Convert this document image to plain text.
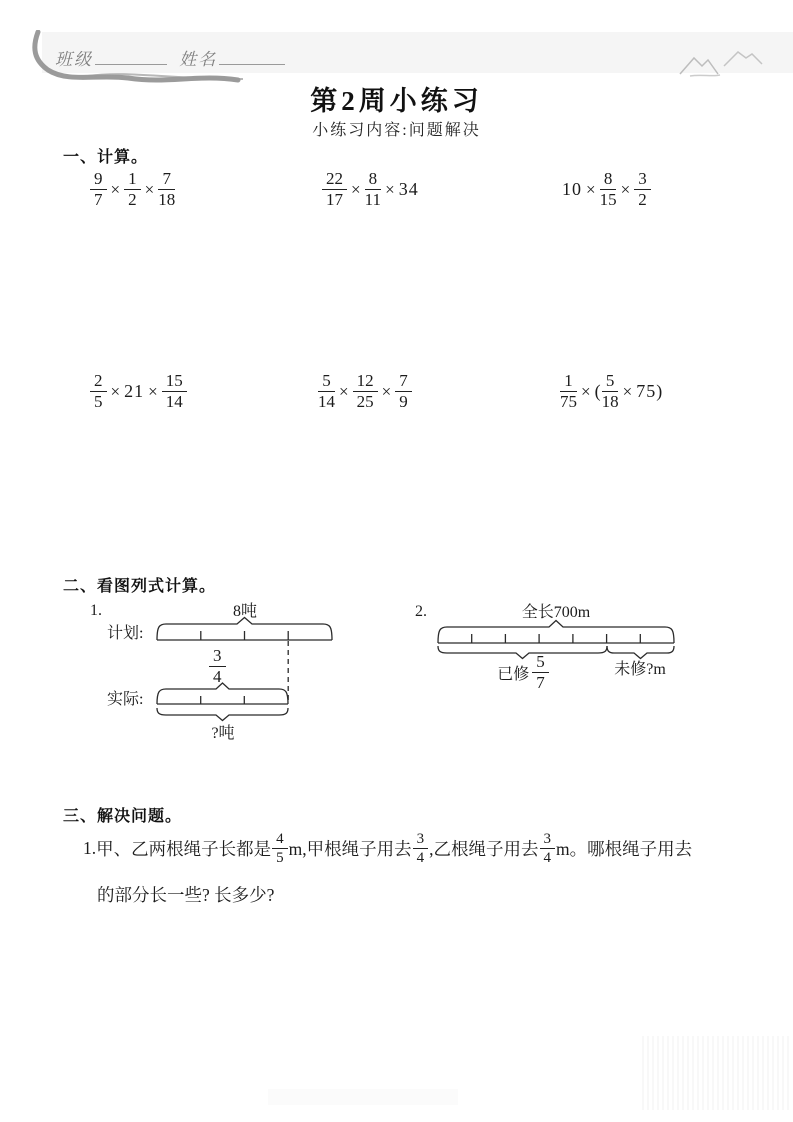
班级	姓名
第2周小练习
小练习内容:问题解决
一、计算。
$\frac{9}{7} \times \frac{1}{2} \times \frac{7}{18}$	$\frac{22}{17} \times \frac{8}{11} \times 34$	$10 \times \frac{8}{15} \times \frac{3}{2}$
$\frac{2}{5} \times 21 \times \frac{15}{14}$	$\frac{5}{14} \times \frac{12}{25} \times \frac{7}{9}$	$\frac{1}{75}$ × ( $\frac{5}{18} \times 75$ )
二、看图列式计算。
1.	8吨
计划:
$\frac{3}{4}$
实际:
?吨
2.	全长700m
已修 $\frac{5}{7}$	未修?m
三、解决问题。
1. 甲、乙两根绳子长都是 $\frac{4}{5} m$,甲根绳子用去 $\frac{3}{4}$ ,乙根绳子用去 $\frac{3}{4}$ m。哪根绳子用去
的部分长一些? 长多少?
